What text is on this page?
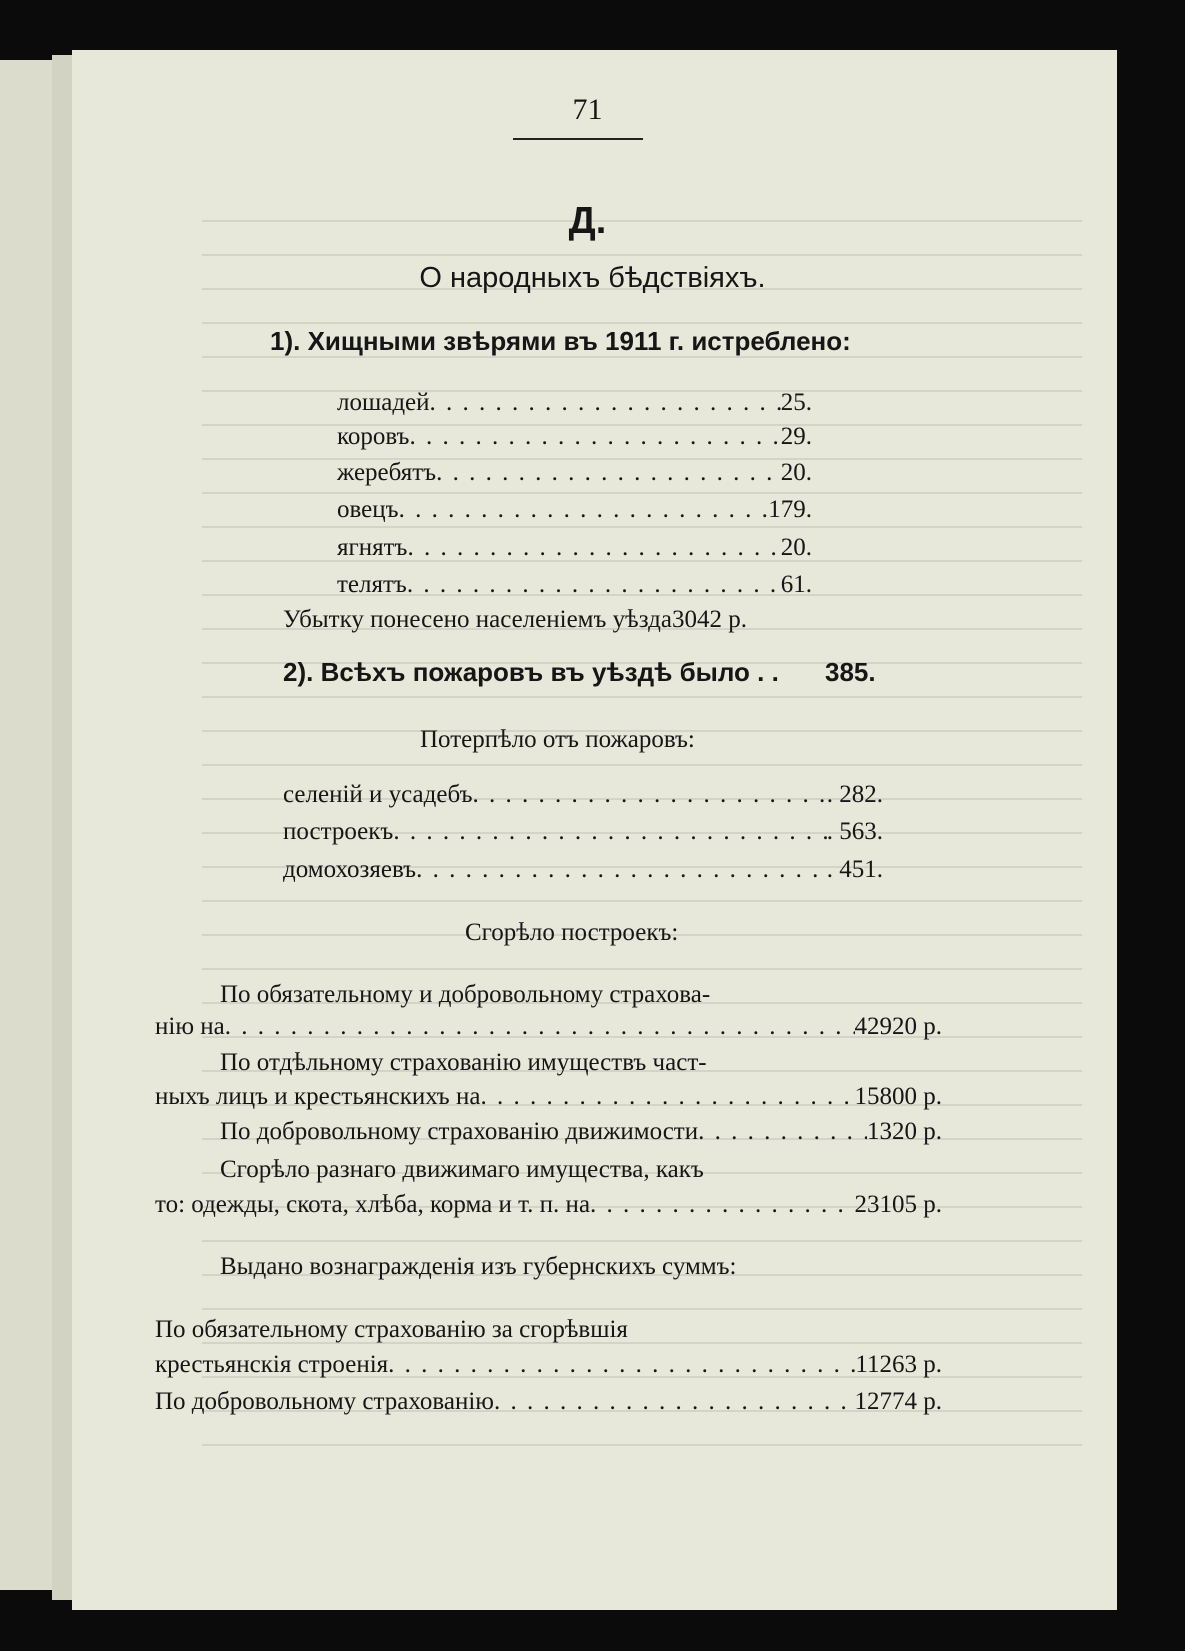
71
Д.
О народныхъ бѣдствіяхъ.
1). Хищными звѣрями въ 1911 г. истреблено:
лошадей . . .	25.
коровъ . . .	29.
жеребятъ . . .	20.
овецъ . . .	179.
ягнятъ . . .	20.
телятъ . . .	61.
Убытку понесено населеніемъ уѣзда3042 р.
2). Всѣхъ пожаровъ въ уѣздѣ было . . 385.
Потерпѣло отъ пожаровъ:
селеній и усадебъ . . .	. 282.
построекъ . . .	. 563.
домохозяевъ . . .	. 451.
Сгорѣло построекъ:
По обязательному и добровольному страхова-
нію на . . .	42920 р.
По отдѣльному страхованію имуществъ част-
ныхъ лицъ и крестьянскихъ на . . .	15800 р.
По добровольному страхованію движимости . . .	1320 р.
Сгорѣло разнаго движимаго имущества, какъ
то: одежды, скота, хлѣба, корма и т. п. на . . .	23105 р.
Выдано вознагражденія изъ губернскихъ суммъ:
По обязательному страхованію за сгорѣвшія
крестьянскія строенія . . .	11263 р.
По добровольному страхованію . . .	12774 р.
